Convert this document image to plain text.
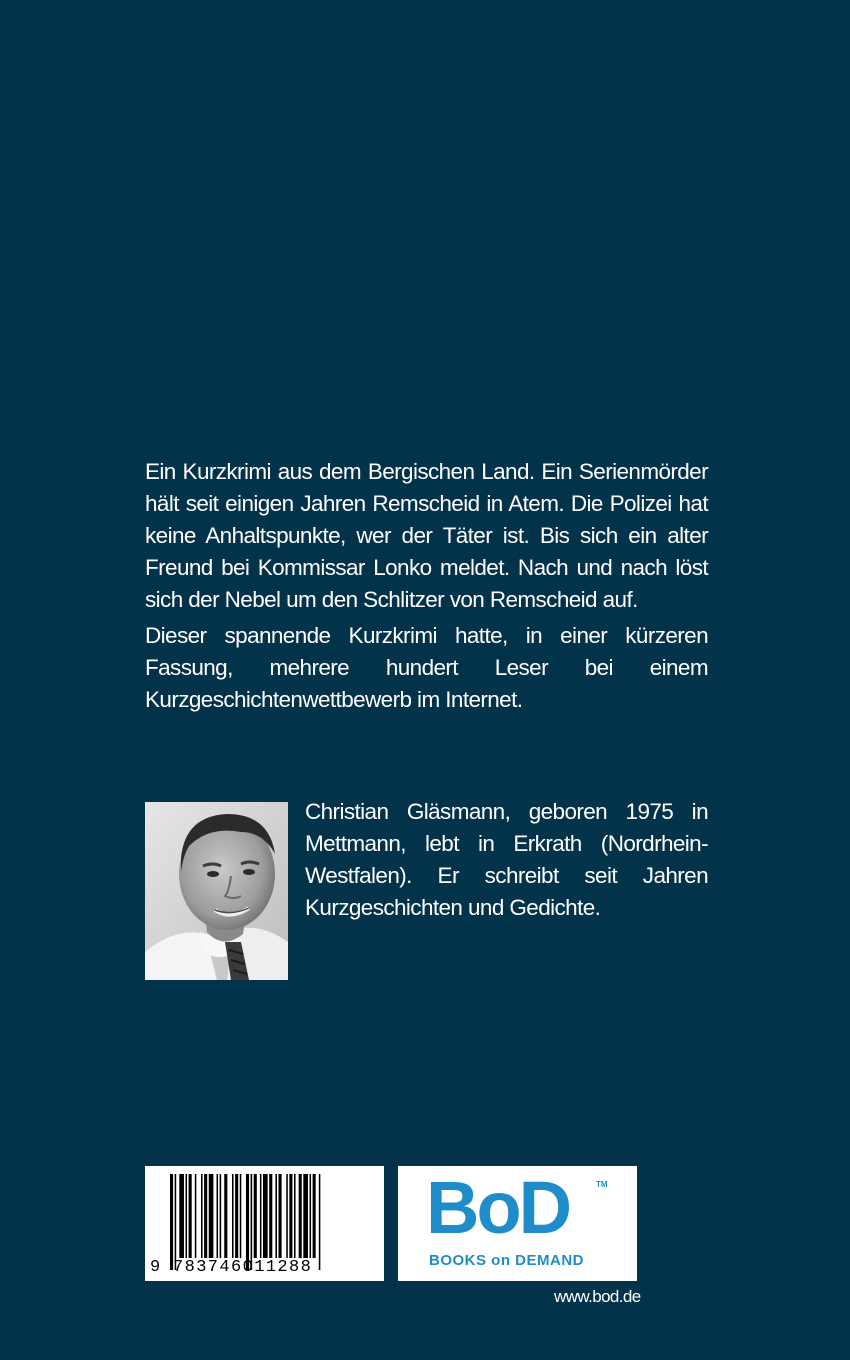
Ein Kurzkrimi aus dem Bergischen Land. Ein Serienmörder hält seit einigen Jahren Remscheid in Atem. Die Polizei hat keine Anhaltspunkte, wer der Täter ist. Bis sich ein alter Freund bei Kommissar Lonko meldet. Nach und nach löst sich der Nebel um den Schlitzer von Remscheid auf.

Dieser spannende Kurzkrimi hatte, in einer kürzeren Fassung, mehrere hundert Leser bei einem Kurzgeschichtenwettbewerb im Internet.

Christian Gläsmann, geboren 1975 in Mettmann, lebt in Erkrath (Nordrhein-Westfalen). Er schreibt seit Jahren Kurzgeschichten und Gedichte.

9 783746011288
BoD	TM
BOOKS on DEMAND
www.bod.de
